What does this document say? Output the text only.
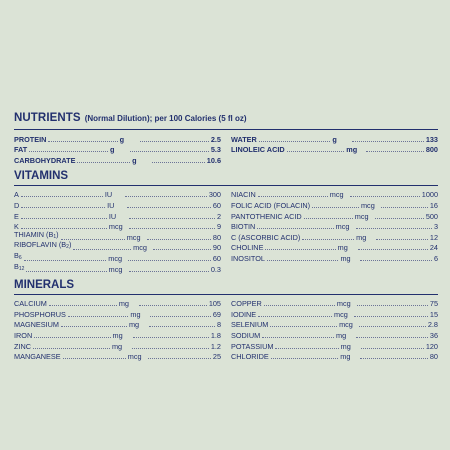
NUTRIENTS (Normal Dilution); per 100 Calories (5 fl oz)
PROTEIN	g	2.5
FAT	g	5.3
CARBOHYDRATE	g	10.6
WATER	g	133
LINOLEIC ACID	mg	800
VITAMINS
A	IU	300
D	IU	60
E	IU	2
K	mcg	9
THIAMIN $(B_1)$	mcg	80
RIBOFLAVIN $(B_2)$	mcg	90
$B_6$	mcg	60
$B_{12}$	mcg	0.3
NIACIN	mcg	1000
FOLIC ACID (FOLACIN)	mcg	16
PANTOTHENIC ACID	mcg	500
BIOTIN	mcg	3
C (ASCORBIC ACID)	mg	12
CHOLINE	mg	24
INOSITOL	mg	6
MINERALS
CALCIUM	mg	105
PHOSPHORUS	mg	69
MAGNESIUM	mg	8
IRON	mg	1.8
ZINC	mg	1.2
MANGANESE	mcg	25
COPPER	mcg	75
IODINE	mcg	15
SELENIUM	mcg	2.8
SODIUM	mg	36
POTASSIUM	mg	120
CHLORIDE	mg	80
